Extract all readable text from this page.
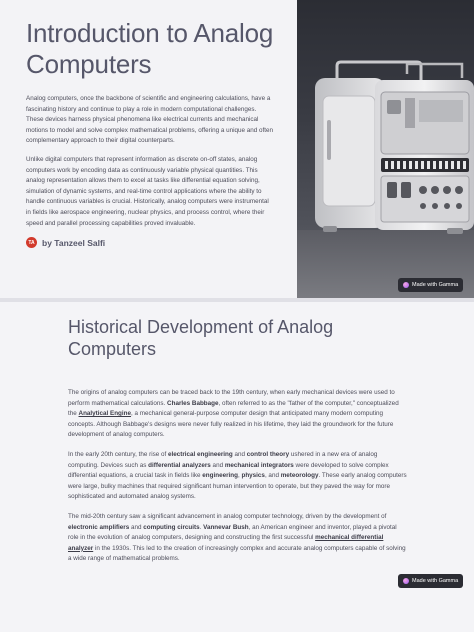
Introduction to Analog Computers

Analog computers, once the backbone of scientific and engineering calculations, have a fascinating history and continue to play a role in modern computational challenges. These devices harness physical phenomena like electrical currents and mechanical motions to model and solve complex mathematical problems, offering a unique and often complementary approach to their digital counterparts.

Unlike digital computers that represent information as discrete on-off states, analog computers work by encoding data as continuously variable physical quantities. This analog representation allows them to excel at tasks like differential equation solving, simulation of dynamic systems, and real-time control applications where the ability to handle continuous variables is crucial. Historically, analog computers were instrumental in fields like aerospace engineering, nuclear physics, and process control, where their speed and parallel processing capabilities proved invaluable.

TA by Tanzeel Salfi
Made with Gamma
Historical Development of Analog Computers

The origins of analog computers can be traced back to the 19th century, when early mechanical devices were used to perform mathematical calculations. Charles Babbage, often referred to as the "father of the computer," conceptualized the Analytical Engine, a mechanical general-purpose computer design that anticipated many modern computing concepts. Although Babbage's designs were never fully realized in his lifetime, they laid the groundwork for the future development of analog computers.

In the early 20th century, the rise of electrical engineering and control theory ushered in a new era of analog computing. Devices such as differential analyzers and mechanical integrators were developed to solve complex differential equations, a crucial task in fields like engineering, physics, and meteorology. These early analog computers were large, bulky machines that required significant human intervention to operate, but they paved the way for more sophisticated and automated analog systems.

The mid-20th century saw a significant advancement in analog computer technology, driven by the development of electronic amplifiers and computing circuits. Vannevar Bush, an American engineer and inventor, played a pivotal role in the evolution of analog computers, designing and constructing the first successful mechanical differential analyzer in the 1930s. This led to the creation of increasingly complex and accurate analog computers capable of solving a wide range of mathematical problems.

Made with Gamma
